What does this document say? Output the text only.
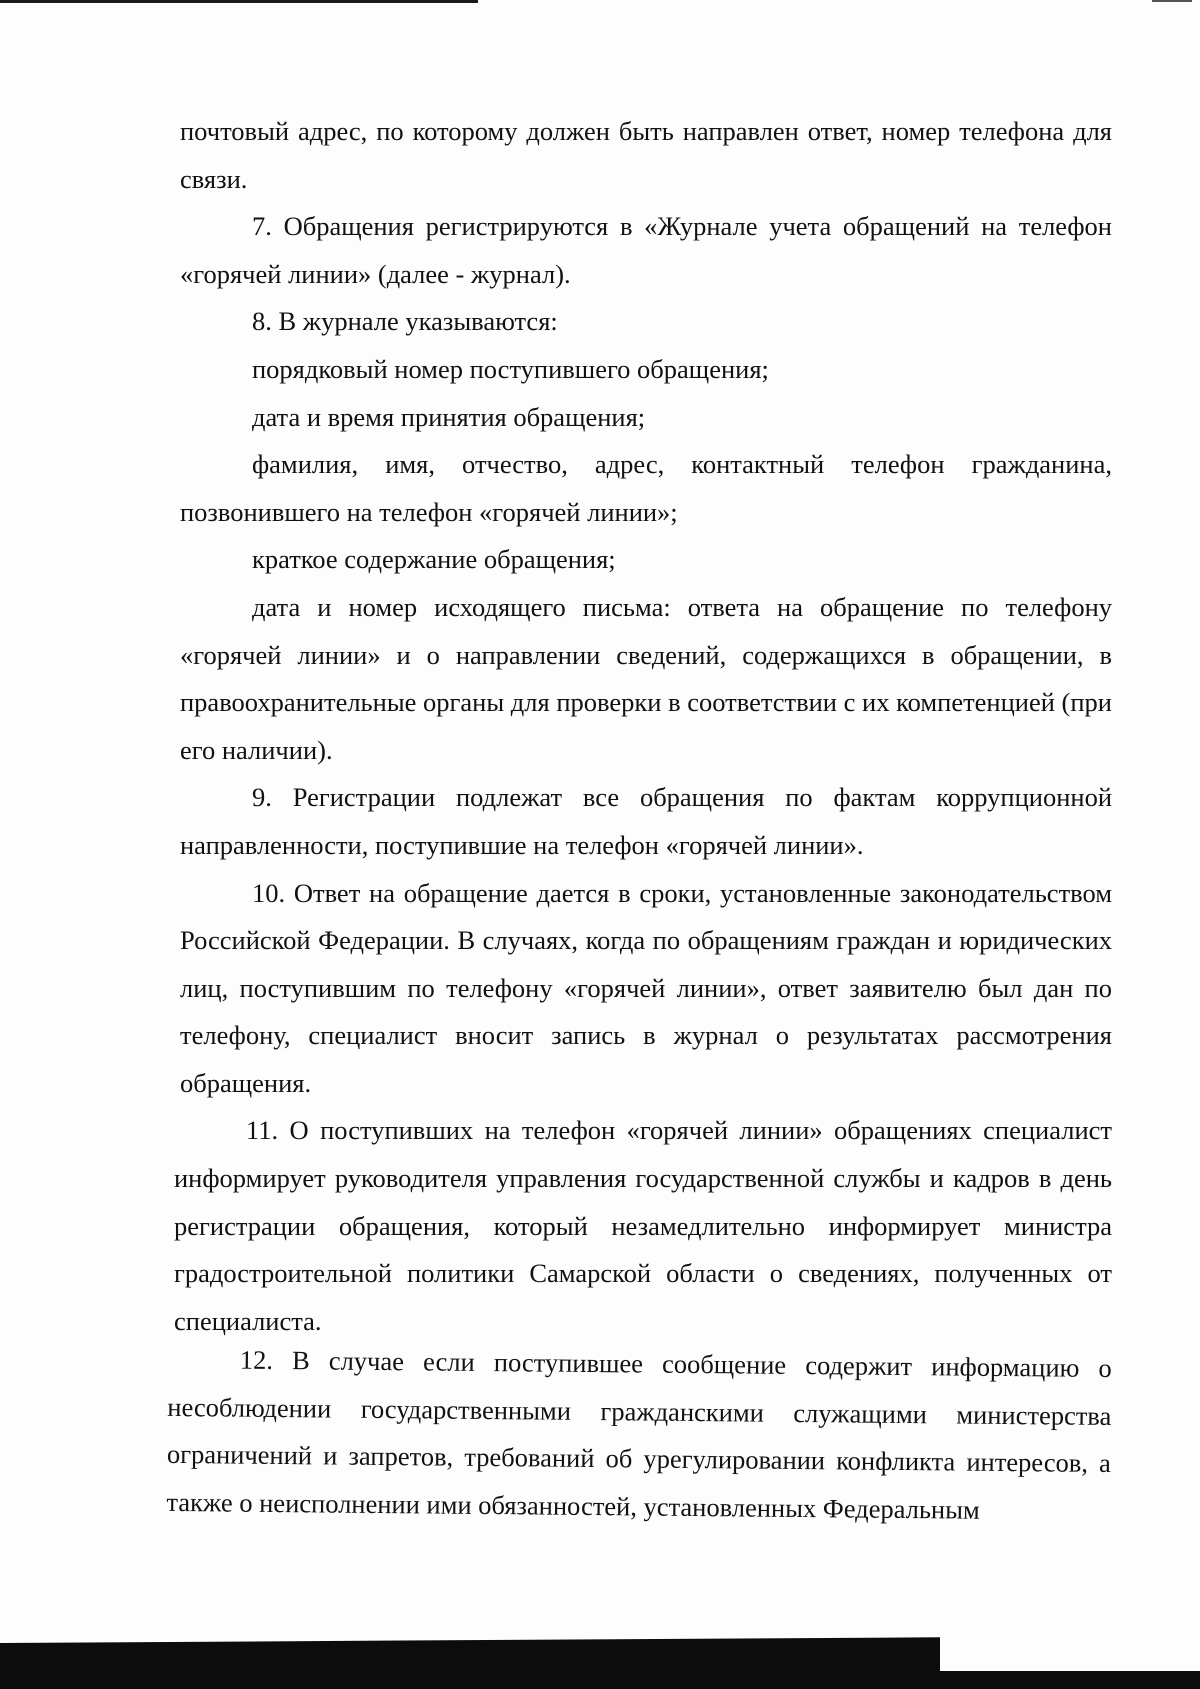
почтовый адрес, по которому должен быть направлен ответ, номер телефона для связи.

7. Обращения регистрируются в «Журнале учета обращений на телефон «горячей линии» (далее - журнал).

8. В журнале указываются:

порядковый номер поступившего обращения;

дата и время принятия обращения;

фамилия, имя, отчество, адрес, контактный телефон гражданина, позвонившего на телефон «горячей линии»;

краткое содержание обращения;

дата и номер исходящего письма: ответа на обращение по телефону «горячей линии» и о направлении сведений, содержащихся в обращении, в правоохранительные органы для проверки в соответствии с их компетенцией (при его наличии).

9. Регистрации подлежат все обращения по фактам коррупционной направленности, поступившие на телефон «горячей линии».

10. Ответ на обращение дается в сроки, установленные законодательством Российской Федерации. В случаях, когда по обращениям граждан и юридических лиц, поступившим по телефону «горячей линии», ответ заявителю был дан по телефону, специалист вносит запись в журнал о результатах рассмотрения обращения.

11. О поступивших на телефон «горячей линии» обращениях специалист информирует руководителя управления государственной службы и кадров в день регистрации обращения, который незамедлительно информирует министра градостроительной политики Самарской области о сведениях, полученных от специалиста.

12. В случае если поступившее сообщение содержит информацию о несоблюдении государственными гражданскими служащими министерства ограничений и запретов, требований об урегулировании конфликта интересов, а также о неисполнении ими обязанностей, установленных Федеральным
